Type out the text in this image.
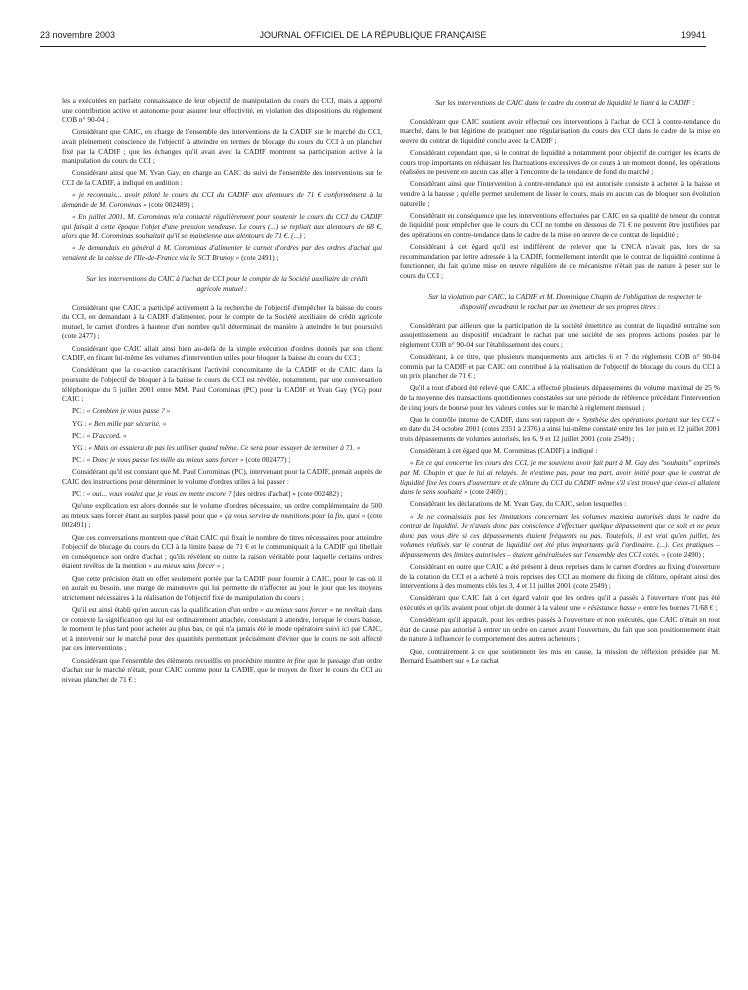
23 novembre 2003	JOURNAL OFFICIEL DE LA RÉPUBLIQUE FRANÇAISE	19941

les a exécutées en parfaite connaissance de leur objectif de manipulation du cours du CCI, mais a apporté une contribution active et autonome pour assurer leur effectivité, en violation des dispositions du règlement COB n° 90-04 ;

Considérant que CAIC, en charge de l'ensemble des interventions de la CADIF sur le marché du CCI, avait pleinement conscience de l'objectif à atteindre en termes de blocage du cours du CCI à un plancher fixé par la CADIF ; que les échanges qu'il avait avec la CADIF montrent sa participation active à la manipulation du cours du CCI ;

Considérant ainsi que M. Yvan Gay, en charge au CAIC du suivi de l'ensemble des interventions sur le CCI de la CADIF, a indiqué en audition :

« je reconnais... avoir piloté le cours du CCI du CADIF aux alentours de 71 € conformément à la demande de M. Corominas » (cote 002489) ;

« En juillet 2001, M. Corominas m'a contacté régulièrement pour soutenir le cours du CCI du CADIF qui faisait à cette époque l'objet d'une pression vendeuse. Le cours (...) se repliait aux alentours de 68 €, alors que M. Corominas souhaitait qu'il se maintienne aux alentours de 71 €. (...) ;

« Je demandais en général à M. Corominas d'alimenter le carnet d'ordres par des ordres d'achat qui venaient de la caisse de l'Ile-de-France via le SCT Brunoy » (cote 2491) ;

Sur les interventions du CAIC à l'achat de CCI pour le compte de la Société auxiliaire de crédit agricole mutuel :

Considérant que CAIC a participé activement à la recherche de l'objectif d'empêcher la baisse du cours du CCI, en demandant à la CADIF d'alimenter, pour le compte de la Société auxiliaire de crédit agricole mutuel, le carnet d'ordres à hauteur d'un nombre qu'il déterminait de manière à atteindre le but poursuivi (cote 2477) ;

Considérant que CAIC allait ainsi bien au-delà de la simple exécution d'ordres donnés par son client CADIF, en fixant lui-même les volumes d'intervention utiles pour bloquer la baisse du cours du CCI ;

Considérant que la co-action caractérisant l'activité concomitante de la CADIF et de CAIC dans la poursuite de l'objectif de bloquer à la baisse le cours du CCI est révélée, notamment, par une conversation téléphonique du 5 juillet 2001 entre MM. Paul Corominas (PC) pour la CADIF et Yvan Gay (YG) pour CAIC :

PC : « Combien je vous passe ? »

YG : « Ben mille par sécurité. »

PC : « D'accord. »

YG : « Mais on essaiera de pas les utiliser quand même. Ce sera pour essayer de terminer à 71. »

PC : « Donc je vous passe les mille au mieux sans forcer » (cote 002477) ;

Considérant qu'il est constant que M. Paul Corominas (PC), intervenant pour la CADIF, prenait auprès de CAIC des instructions pour déterminer le volume d'ordres utiles à lui passer :

PC : « oui... vous voulez que je vous en mette encore ? [des ordres d'achat] » (cote 002482) ;

Qu'une explication est alors donnée sur le volume d'ordres nécessaire, un ordre complémentaire de 500 au mieux sans forcer étant au surplus passé pour que « ça vous servira de munitions pour la fin, quoi » (cote 002491) ;

Que ces conversations montrent que c'était CAIC qui fixait le nombre de titres nécessaires pour atteindre l'objectif de blocage du cours du CCI à la limite basse de 71 € et le communiquait à la CADIF qui libellait en conséquence son ordre d'achat ; qu'ils révèlent en outre la raison véritable pour laquelle certains ordres étaient revêtus de la mention « au mieux sans forcer » ;

Que cette précision était en effet seulement portée par la CADIF pour fournir à CAIC, pour le cas où il en aurait eu besoin, une marge de manœuvre qui lui permette de n'affecter au jour le jour que les moyens strictement nécessaires à la réalisation de l'objectif fixé de manipulation du cours ;

Qu'il est ainsi établi qu'en aucun cas la qualification d'un ordre « au mieux sans forcer » ne revêtait dans ce contexte la signification qui lui est ordinairement attachée, consistant à attendre, lorsque le cours baisse, le moment le plus tard pour acheter au plus bas, ce qui n'a jamais été le mode opératoire suivi ici par CAIC, et à intervenir sur le marché pour des quantités permettant précisément d'éviter que le cours ne soit affecté par ces interventions ;

Considérant que l'ensemble des éléments recueillis en procédure montre in fine que le passage d'un ordre d'achat sur le marché n'était, pour CAIC comme pour la CADIF, que le moyen de fixer le cours du CCI au niveau plancher de 71 € ;

Sur les interventions de CAIC dans le cadre du contrat de liquidité le liant à la CADIF :

Considérant que CAIC soutient avoir effectué ces interventions à l'achat de CCI à contre-tendance du marché, dans le but légitime de pratiquer une régularisation du cours des CCI dans le cadre de la mise en œuvre du contrat de liquidité conclu avec la CADIF ;

Considérant cependant que, si le contrat de liquidité a notamment pour objectif de corriger les écarts de cours trop importants en réduisant les fluctuations excessives de ce cours à un moment donné, les opérations réalisées ne peuvent en aucun cas aller à l'encontre de la tendance de fond du marché ;

Considérant ainsi que l'intervention à contre-tendance qui est autorisée consiste à acheter à la baisse et vendre à la hausse ; qu'elle permet seulement de lisser le cours, mais en aucun cas de bloquer son évolution naturelle ;

Considérant en conséquence que les interventions effectuées par CAIC en sa qualité de teneur du contrat de liquidité pour empêcher que le cours du CCI ne tombe en dessous de 71 € ne peuvent être justifiées par des opérations en contre-tendance dans le cadre de la mise en œuvre de ce contrat de liquidité ;

Considérant à cet égard qu'il est indifférent de relever que la CNCA n'avait pas, lors de sa recommandation par lettre adressée à la CADIF, formellement interdit que le contrat de liquidité continue à fonctionner, du fait qu'une mise en œuvre régulière de ce mécanisme n'était pas de nature à peser sur le cours du CCI ;

Sur la violation par CAIC, la CADIF et M. Dominique Chupin de l'obligation de respecter le dispositif encadrant le rachat par un émetteur de ses propres titres :

Considérant par ailleurs que la participation de la société émettrice au contrat de liquidité entraîne son assujettissement au dispositif encadrant le rachat par une société de ses propres actions posées par le règlement COB n° 90-04 sur l'établissement des cours ;

Considérant, à ce titre, que plusieurs manquements aux articles 6 et 7 du règlement COB n° 90-04 commis par la CADIF et par CAIC ont contribué à la réalisation de l'objectif de blocage du cours du CCI à un prix plancher de 71 € ;

Qu'il a tout d'abord été relevé que CAIC a effectué plusieurs dépassements du volume maximal de 25 % de la moyenne des transactions quotidiennes constatées sur une période de référence précédant l'intervention de cinq jours de bourse pour les valeurs cotées sur le marché à règlement mensuel ;

Que le contrôle interne de CADIF, dans son rapport de « Synthèse des opérations portant sur les CCI » en date du 24 octobre 2001 (cotes 2351 à 2376) a ainsi lui-même constaté entre les 1er juin et 12 juillet 2001 trois dépassements de volumes autorisés, les 6, 9 et 12 juillet 2001 (cote 2549) ;

Considérant à cet égard que M. Corominas (CADIF) a indiqué :

« En ce qui concerne les cours des CCI, je me souviens avoir fait part à M. Gay des "souhaits" exprimés par M. Chupin et que le lui ai relayés. Je n'estime pas, pour ma part, avoir initié pour que le contrat de liquidité fixe les cours d'ouverture et de clôture du CCI du CADIF même s'il s'est trouvé que ceux-ci allaient dans le sens souhaité » (cote 2469) ;

Considérant les déclarations de M. Yvan Gay, du CAIC, selon lesquelles :

« Je ne connaissais pas les limitations concernant les volumes maxima autorisés dans le cadre du contrat de liquidité. Je n'avais donc pas conscience d'effectuer quelque dépassement que ce soit et ne peux donc pas vous dire si ces dépassements étaient fréquents ou pas. Toutefois, il est vrai qu'en juillet, les volumes réalisés sur le contrat de liquidité ont été plus importants qu'à l'ordinaire. (...). Ces pratiques – dépassements des limites autorisées – étaient généralisées sur l'ensemble des CCI cotés. » (cote 2490) ;

Considérant en outre que CAIC a été présent à deux reprises dans le carnet d'ordres au fixing d'ouverture de la cotation du CCI et a acheté à trois reprises des CCI au moment du fixing de clôture, opérant ainsi des interventions à des moments clés les 3, 4 et 11 juillet 2001 (cote 2549) ;

Considérant que CAIC fait à cet égard valoir que les ordres qu'il a passés à l'ouverture n'ont pas été exécutés et qu'ils avaient pour objet de donner à la valeur une « résistance basse » entre les bornes 71/68 € ;

Considérant qu'il apparaît, pour les ordres passés à l'ouverture et non exécutés, que CAIC n'était en tout état de cause pas autorisé à entrer un ordre en carnet avant l'ouverture, du fait que son positionnement était de nature à influencer le comportement des autres acheteurs ;

Que, contrairement à ce que soutiennent les mis en cause, la mission de réflexion présidée par M. Bernard Esambert sur « Le rachat
